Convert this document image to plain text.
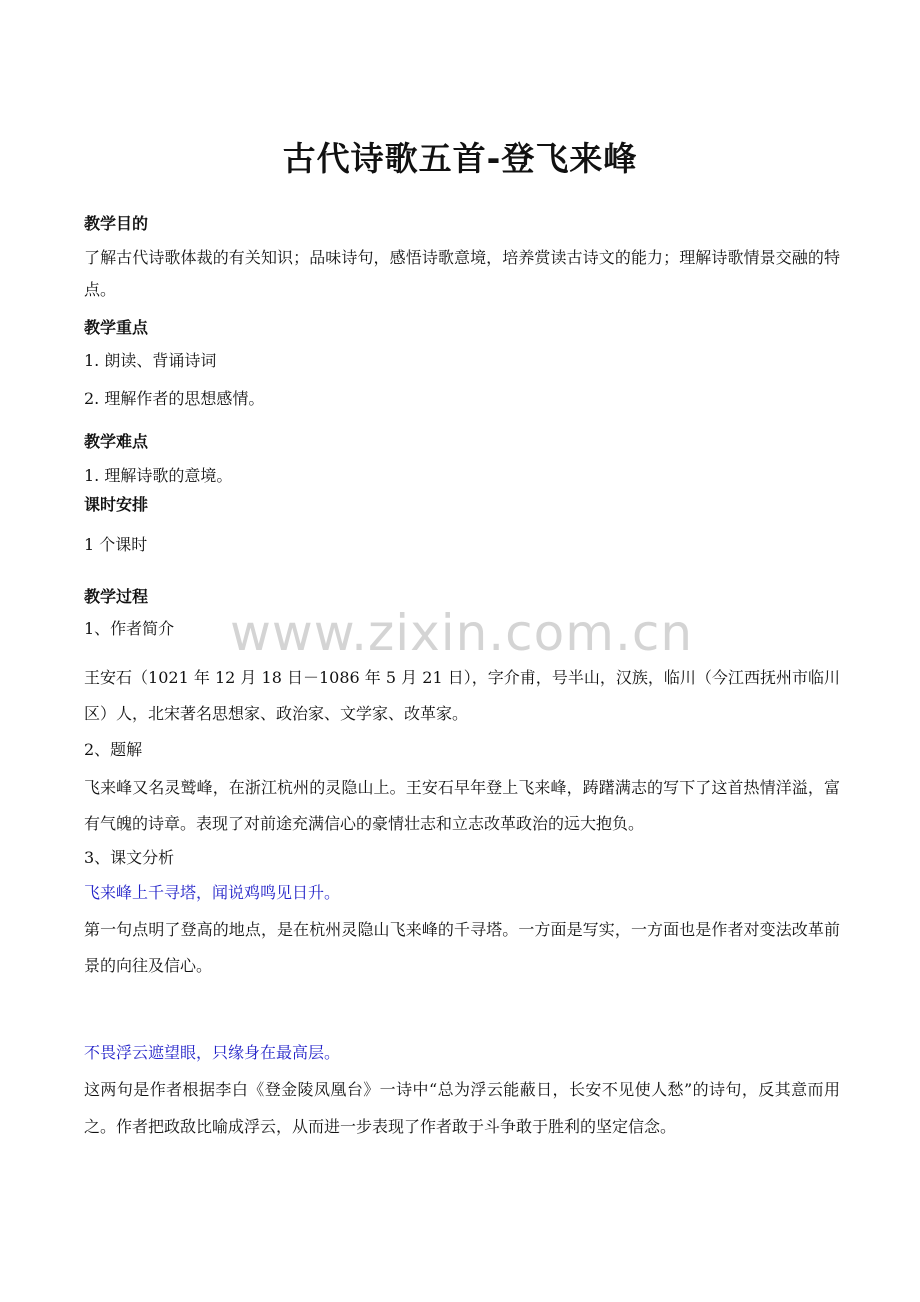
古代诗歌五首-登飞来峰
教学目的
了解古代诗歌体裁的有关知识；品味诗句，感悟诗歌意境，培养赏读古诗文的能力；理解诗歌情景交融的特点。
教学重点
1. 朗读、背诵诗词
2. 理解作者的思想感情。
教学难点
1. 理解诗歌的意境。
课时安排
1 个课时
教学过程
1、作者简介	www.zixin.com.cn
王安石（1021 年 12 月 18 日－1086 年 5 月 21 日），字介甫，号半山，汉族，临川（今江西抚州市临川区）人，北宋著名思想家、政治家、文学家、改革家。
2、题解
飞来峰又名灵鹫峰，在浙江杭州的灵隐山上。王安石早年登上飞来峰，踌躇满志的写下了这首热情洋溢，富有气魄的诗章。表现了对前途充满信心的豪情壮志和立志改革政治的远大抱负。
3、课文分析
飞来峰上千寻塔，闻说鸡鸣见日升。
第一句点明了登高的地点，是在杭州灵隐山飞来峰的千寻塔。一方面是写实，一方面也是作者对变法改革前景的向往及信心。
不畏浮云遮望眼，只缘身在最高层。
这两句是作者根据李白《登金陵凤凰台》一诗中“总为浮云能蔽日，长安不见使人愁”的诗句，反其意而用之。作者把政敌比喻成浮云，从而进一步表现了作者敢于斗争敢于胜利的坚定信念。
